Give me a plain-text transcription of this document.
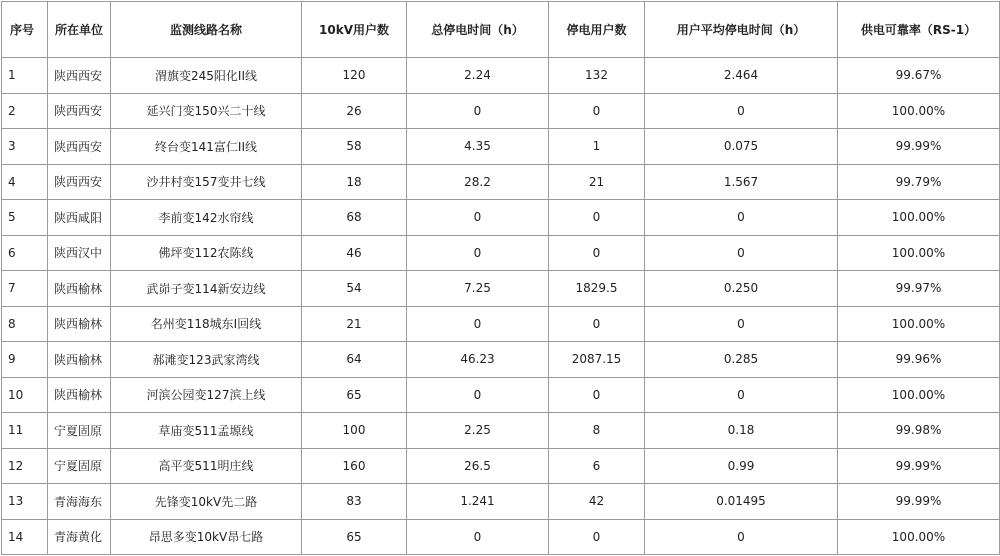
序号	所在单位	监测线路名称	10kV用户数	总停电时间（h）	停电用户数	用户平均停电时间（h）	供电可靠率（RS-1）
1	陕西西安	渭旗变245阳化II线	120	2.24	132	2.464	99.67%
2	陕西西安	延兴门变150兴二十线	26	0	0	0	100.00%
3	陕西西安	终台变141富仁II线	58	4.35	1	0.075	99.99%
4	陕西西安	沙井村变157变井七线	18	28.2	21	1.567	99.79%
5	陕西咸阳	李前变142水帘线	68	0	0	0	100.00%
6	陕西汉中	佛坪变112农陈线	46	0	0	0	100.00%
7	陕西榆林	武峁子变114新安边线	54	7.25	1829.5	0.250	99.97%
8	陕西榆林	名州变118城东Ⅰ回线	21	0	0	0	100.00%
9	陕西榆林	郝滩变123武家湾线	64	46.23	2087.15	0.285	99.96%
10	陕西榆林	河滨公园变127滨上线	65	0	0	0	100.00%
11	宁夏固原	草庙变511孟塬线	100	2.25	8	0.18	99.98%
12	宁夏固原	高平变511明庄线	160	26.5	6	0.99	99.99%
13	青海海东	先锋变10kV先二路	83	1.241	42	0.01495	99.99%
14	青海黄化	昂思多变10kV昂七路	65	0	0	0	100.00%
